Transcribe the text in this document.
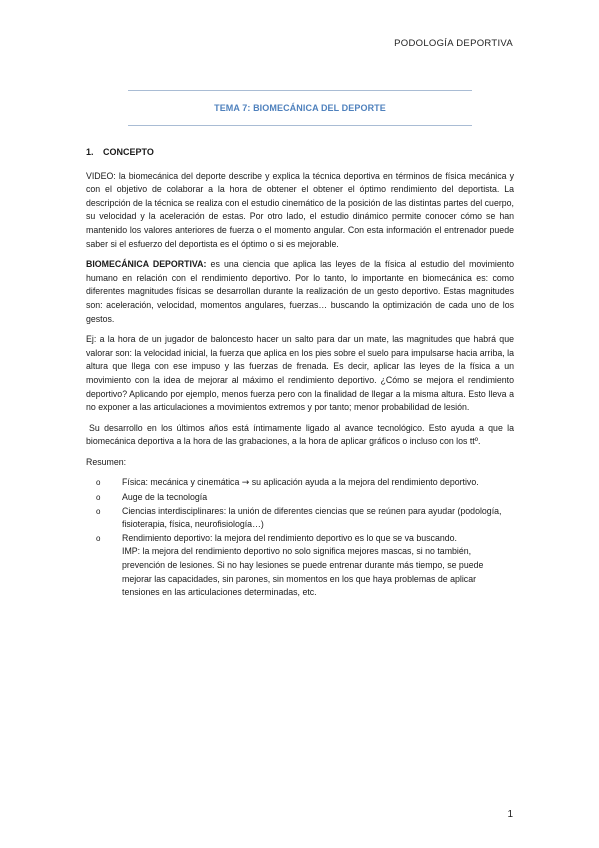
PODOLOGÍA DEPORTIVA
TEMA 7: BIOMECÁNICA DEL DEPORTE
1. CONCEPTO

VIDEO: la biomecánica del deporte describe y explica la técnica deportiva en términos de física mecánica y con el objetivo de colaborar a la hora de obtener el obtener el óptimo rendimiento del deportista. La descripción de la técnica se realiza con el estudio cinemático de la posición de las distintas partes del cuerpo, su velocidad y la aceleración de estas. Por otro lado, el estudio dinámico permite conocer cómo se han mantenido los valores anteriores de fuerza o el momento angular. Con esta información el entrenador puede saber si el esfuerzo del deportista es el óptimo o si es mejorable.

BIOMECÁNICA DEPORTIVA: es una ciencia que aplica las leyes de la física al estudio del movimiento humano en relación con el rendimiento deportivo. Por lo tanto, lo importante en biomecánica es: como diferentes magnitudes físicas se desarrollan durante la realización de un gesto deportivo. Estas magnitudes son: aceleración, velocidad, momentos angulares, fuerzas… buscando la optimización de cada uno de los gestos.

Ej: a la hora de un jugador de baloncesto hacer un salto para dar un mate, las magnitudes que habrá que valorar son: la velocidad inicial, la fuerza que aplica en los pies sobre el suelo para impulsarse hacia arriba, la altura que llega con ese impuso y las fuerzas de frenada. Es decir, aplicar las leyes de la física a un movimiento con la idea de mejorar al máximo el rendimiento deportivo. ¿Cómo se mejora el rendimiento deportivo? Aplicando por ejemplo, menos fuerza pero con la finalidad de llegar a la misma altura. Esto lleva a no exponer a las articulaciones a movimientos extremos y por tanto; menor probabilidad de lesión.

Su desarrollo en los últimos años está íntimamente ligado al avance tecnológico. Esto ayuda a que la biomecánica deportiva a la hora de las grabaciones, a la hora de aplicar gráficos o incluso con los ttº.

Resumen:

o Física: mecánica y cinemática → su aplicación ayuda a la mejora del rendimiento deportivo.
o Auge de la tecnología
o Ciencias interdisciplinares: la unión de diferentes ciencias que se reúnen para ayudar (podología, fisioterapia, física, neurofisiología…)
o Rendimiento deportivo: la mejora del rendimiento deportivo es lo que se va buscando.
IMP: la mejora del rendimiento deportivo no solo significa mejores mascas, si no también, prevención de lesiones. Si no hay lesiones se puede entrenar durante más tiempo, se puede mejorar las capacidades, sin parones, sin momentos en los que haya problemas de aplicar tensiones en las articulaciones determinadas, etc.
1
